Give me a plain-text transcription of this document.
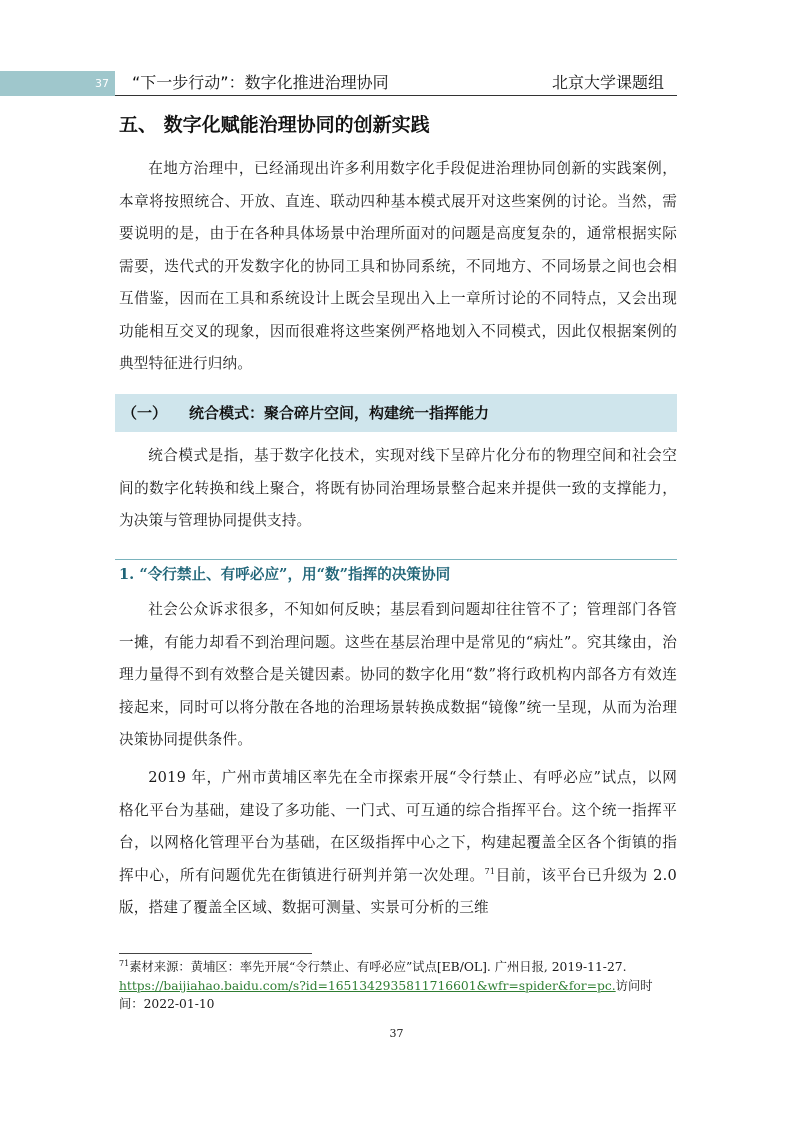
37	“下一步行动”：数字化推进治理协同	北京大学课题组
五、 数字化赋能治理协同的创新实践

在地方治理中，已经涌现出许多利用数字化手段促进治理协同创新的实践案例，本章将按照统合、开放、直连、联动四种基本模式展开对这些案例的讨论。当然，需要说明的是，由于在各种具体场景中治理所面对的问题是高度复杂的，通常根据实际需要，迭代式的开发数字化的协同工具和协同系统，不同地方、不同场景之间也会相互借鉴，因而在工具和系统设计上既会呈现出入上一章所讨论的不同特点，又会出现功能相互交叉的现象，因而很难将这些案例严格地划入不同模式，因此仅根据案例的典型特征进行归纳。

（一） 统合模式：聚合碎片空间，构建统一指挥能力

统合模式是指，基于数字化技术，实现对线下呈碎片化分布的物理空间和社会空间的数字化转换和线上聚合，将既有协同治理场景整合起来并提供一致的支撑能力，为决策与管理协同提供支持。

1. “令行禁止、有呼必应”，用“数”指挥的决策协同

社会公众诉求很多，不知如何反映；基层看到问题却往往管不了；管理部门各管一摊，有能力却看不到治理问题。这些在基层治理中是常见的“病灶”。究其缘由，治理力量得不到有效整合是关键因素。协同的数字化用“数”将行政机构内部各方有效连接起来，同时可以将分散在各地的治理场景转换成数据“镜像”统一呈现，从而为治理决策协同提供条件。

2019 年，广州市黄埔区率先在全市探索开展“令行禁止、有呼必应”试点，以网格化平台为基础，建设了多功能、一门式、可互通的综合指挥平台。这个统一指挥平台，以网格化管理平台为基础，在区级指挥中心之下，构建起覆盖全区各个街镇的指挥中心，所有问题优先在街镇进行研判并第一次处理。$^{71}$目前，该平台已升级为 2.0 版，搭建了覆盖全区域、数据可测量、实景可分析的三维

$^{71}$素材来源：黄埔区：率先开展“令行禁止、有呼必应”试点[EB/OL]. 广州日报, 2019-11-27.
https://baijiahao.baidu.com/s?id=1651342935811716601&wfr=spider&for=pc.访问时间：2022-01-10

37
